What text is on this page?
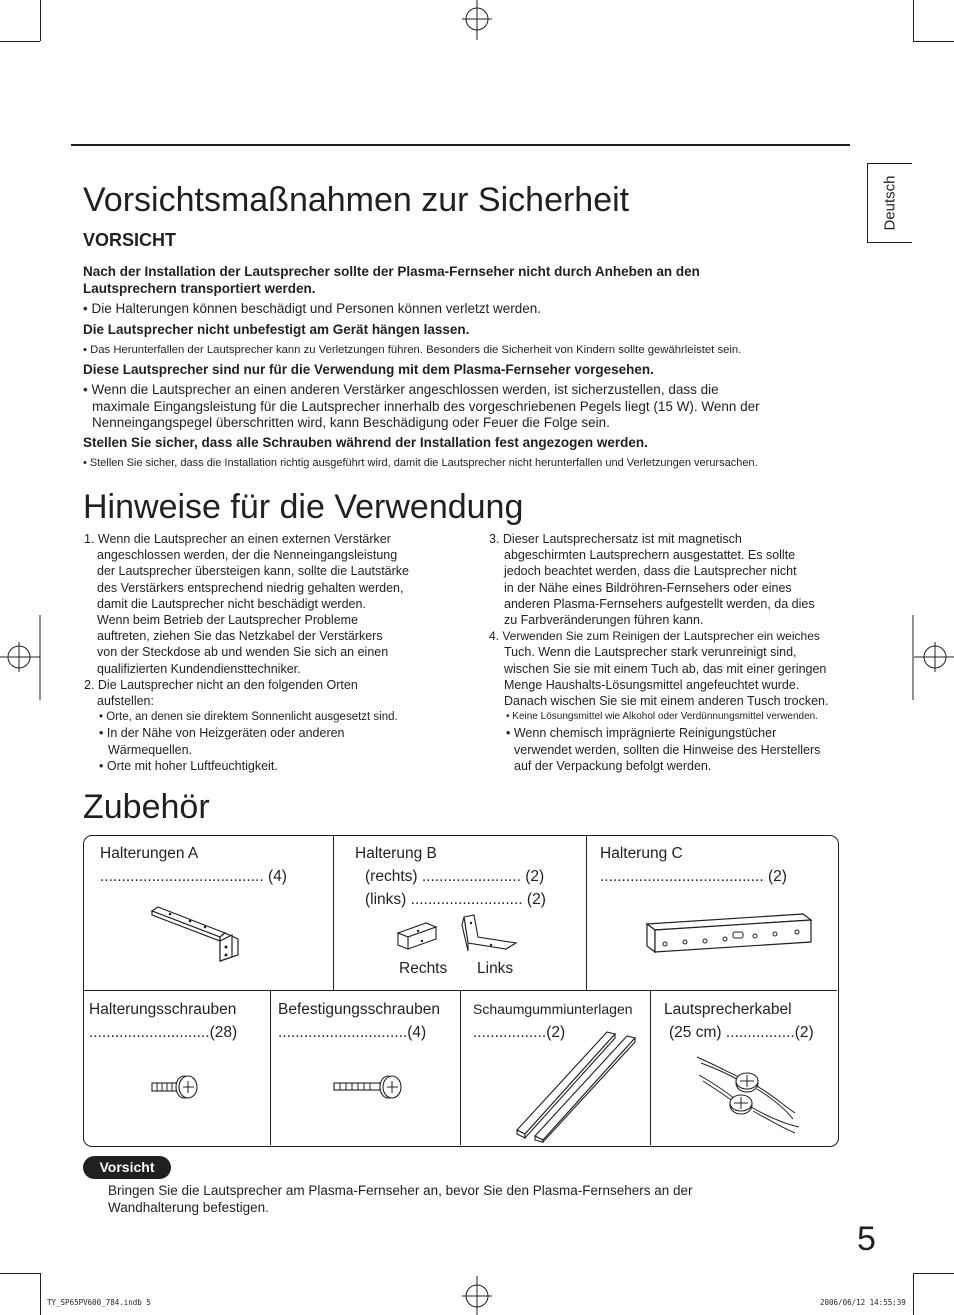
Deutsch
Vorsichtsmaßnahmen zur Sicherheit
VORSICHT
Nach der Installation der Lautsprecher sollte der Plasma-Fernseher nicht durch Anheben an den
Lautsprechern transportiert werden.
• Die Halterungen können beschädigt und Personen können verletzt werden.
Die Lautsprecher nicht unbefestigt am Gerät hängen lassen.
• Das Herunterfallen der Lautsprecher kann zu Verletzungen führen. Besonders die Sicherheit von Kindern sollte gewährleistet sein.
Diese Lautsprecher sind nur für die Verwendung mit dem Plasma-Fernseher vorgesehen.
• Wenn die Lautsprecher an einen anderen Verstärker angeschlossen werden, ist sicherzustellen, dass die
maximale Eingangsleistung für die Lautsprecher innerhalb des vorgeschriebenen Pegels liegt (15 W). Wenn der
Nenneingangspegel überschritten wird, kann Beschädigung oder Feuer die Folge sein.
Stellen Sie sicher, dass alle Schrauben während der Installation fest angezogen werden.
• Stellen Sie sicher, dass die Installation richtig ausgeführt wird, damit die Lautsprecher nicht herunterfallen und Verletzungen verursachen.
Hinweise für die Verwendung
1. Wenn die Lautsprecher an einen externen Verstärker
angeschlossen werden, der die Nenneingangsleistung
der Lautsprecher übersteigen kann, sollte die Lautstärke
des Verstärkers entsprechend niedrig gehalten werden,
damit die Lautsprecher nicht beschädigt werden.
Wenn beim Betrieb der Lautsprecher Probleme
auftreten, ziehen Sie das Netzkabel der Verstärkers
von der Steckdose ab und wenden Sie sich an einen
qualifizierten Kundendiensttechniker.
2. Die Lautsprecher nicht an den folgenden Orten
aufstellen:
• Orte, an denen sie direktem Sonnenlicht ausgesetzt sind.
• In der Nähe von Heizgeräten oder anderen
Wärmequellen.
• Orte mit hoher Luftfeuchtigkeit.
3. Dieser Lautsprechersatz ist mit magnetisch
abgeschirmten Lautsprechern ausgestattet. Es sollte
jedoch beachtet werden, dass die Lautsprecher nicht
in der Nähe eines Bildröhren-Fernsehers oder eines
anderen Plasma-Fernsehers aufgestellt werden, da dies
zu Farbveränderungen führen kann.
4. Verwenden Sie zum Reinigen der Lautsprecher ein weiches
Tuch. Wenn die Lautsprecher stark verunreinigt sind,
wischen Sie sie mit einem Tuch ab, das mit einer geringen
Menge Haushalts-Lösungsmittel angefeuchtet wurde.
Danach wischen Sie sie mit einem anderen Tusch trocken.
• Keine Lösungsmittel wie Alkohol oder Verdünnungsmittel verwenden.
• Wenn chemisch imprägnierte Reinigungstücher
verwendet werden, sollten die Hinweise des Herstellers
auf der Verpackung befolgt werden.
Zubehör
Halterungen A
...................................... (4)
Halterung B
(rechts) ....................... (2)
(links) .......................... (2)
Rechts Links
Halterung C
...................................... (2)
Halterungsschrauben
............................(28)
Befestigungsschrauben
..............................(4)
Schaumgummiunterlagen
.................(2)
Lautsprecherkabel
(25 cm) ................(2)
Vorsicht
Bringen Sie die Lautsprecher am Plasma-Fernseher an, bevor Sie den Plasma-Fernsehers an der
Wandhalterung befestigen.
5
TY_SP65PV600_784.indb 5	2006/06/12 14:55:39
